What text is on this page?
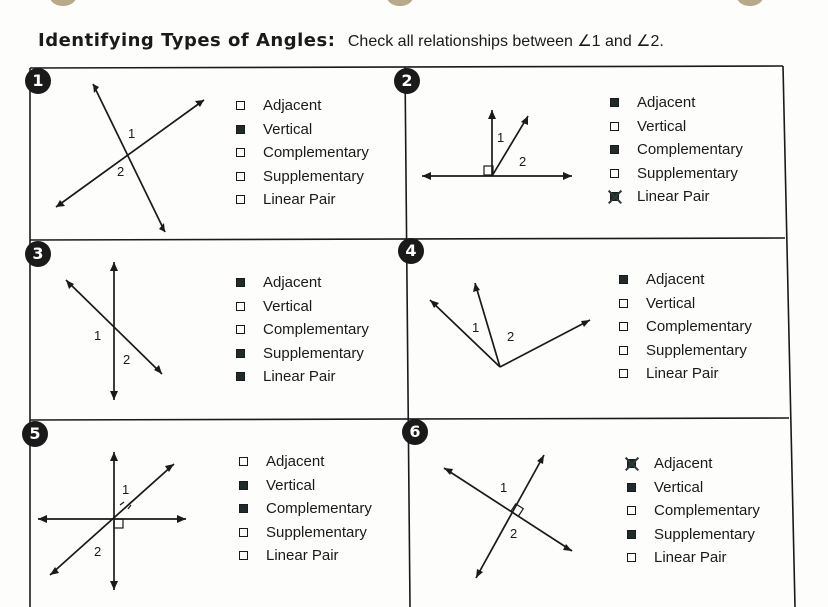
Identifying Types of Angles: Check all relationships between ∠1 and ∠2.
1
1
2
Adjacent
Vertical
Complementary
Supplementary
Linear Pair
2
1
2
Adjacent
Vertical
Complementary
Supplementary
Linear Pair
3
1
2
Adjacent
Vertical
Complementary
Supplementary
Linear Pair
4
1
2
Adjacent
Vertical
Complementary
Supplementary
Linear Pair
5
1
2
Adjacent
Vertical
Complementary
Supplementary
Linear Pair
6
1
2
Adjacent
Vertical
Complementary
Supplementary
Linear Pair
